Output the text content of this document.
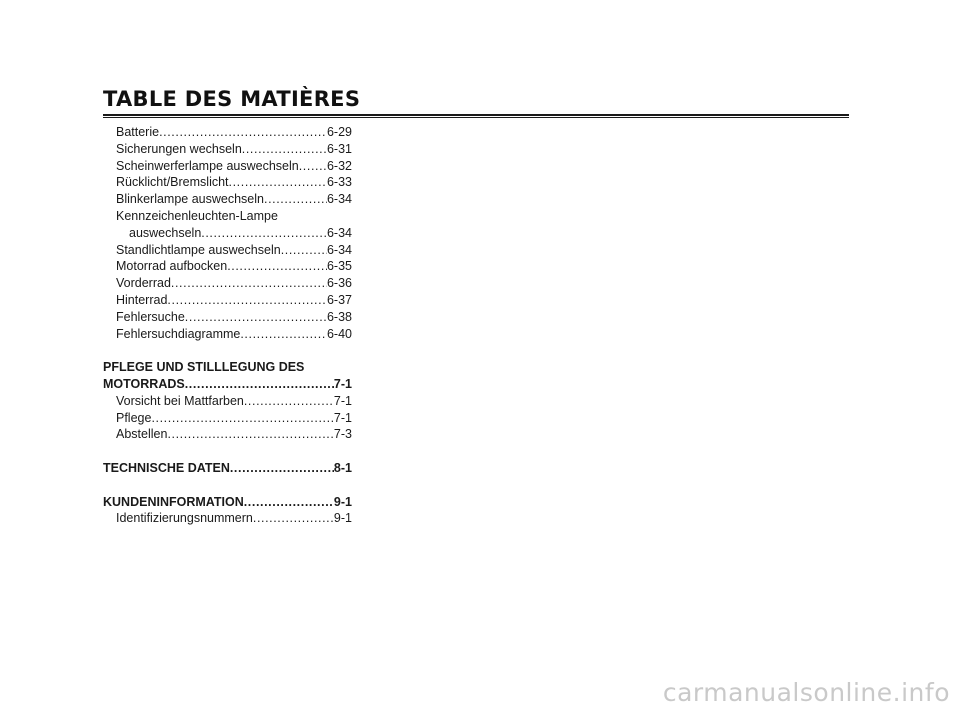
TABLE DES MATIÈRES
Batterie .....	6-29
Sicherungen wechseln .....	6-31
Scheinwerferlampe auswechseln ..... 6-32
Rücklicht/Bremslicht .....	6-33
Blinkerlampe auswechseln .....	6-34
Kennzeichenleuchten-Lampe
auswechseln .....	6-34
Standlichtlampe auswechseln .....	6-34
Motorrad aufbocken .....	6-35
Vorderrad .....	6-36
Hinterrad .....	6-37
Fehlersuche .....	6-38
Fehlersuchdiagramme .....	6-40
PFLEGE UND STILLLEGUNG DES
MOTORRADS .....	7-1
Vorsicht bei Mattfarben .....	7-1
Pflege .....	7-1
Abstellen .....	7-3
TECHNISCHE DATEN .....	8-1
KUNDENINFORMATION .....	9-1
Identifizierungsnummern .....	9-1
carmanualsonline.info
